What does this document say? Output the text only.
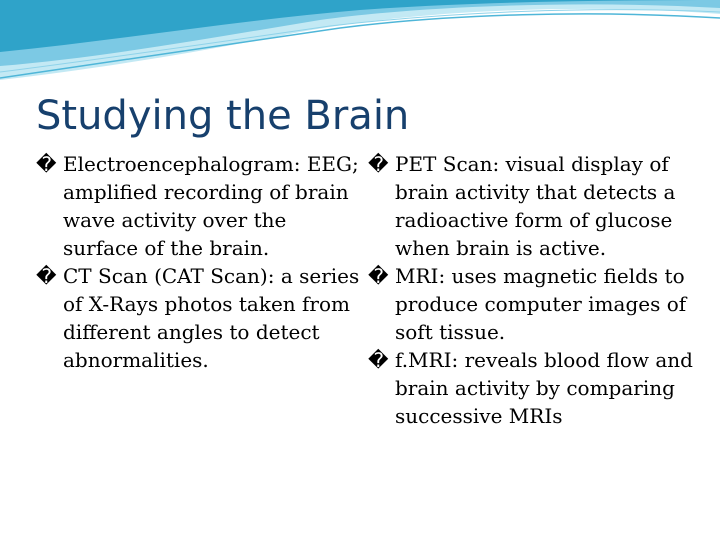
Studying the Brain

� Electroencephalogram: EEG; amplified recording of brain wave activity over the surface of the brain.

� CT Scan (CAT Scan): a series of X-Rays photos taken from different angles to detect abnormalities.

� PET Scan: visual display of brain activity that detects a radioactive form of glucose when brain is active.

� MRI: uses magnetic fields to produce computer images of soft tissue.

� f.MRI: reveals blood flow and brain activity by comparing successive MRIs
